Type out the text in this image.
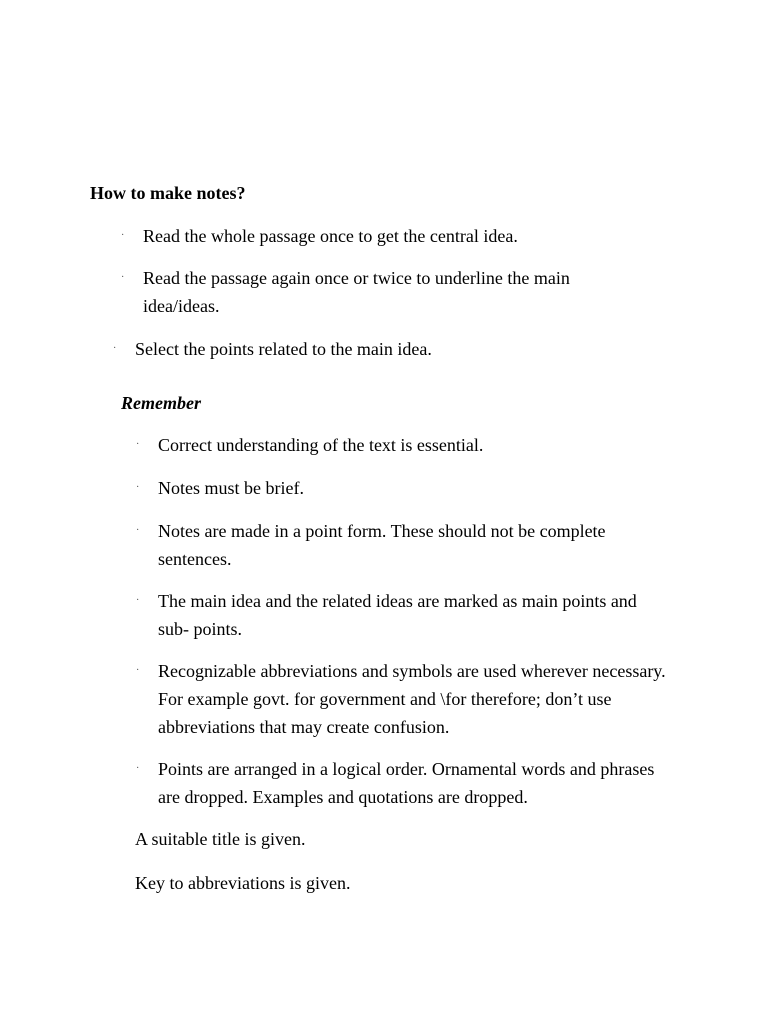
How to make notes?
· Read the whole passage once to get the central idea.
· Read the passage again once or twice to underline the main idea/ideas.
· Select the points related to the main idea.
Remember
· Correct understanding of the text is essential.
· Notes must be brief.
· Notes are made in a point form. These should not be complete sentences.
· The main idea and the related ideas are marked as main points and sub- points.
· Recognizable abbreviations and symbols are used wherever necessary. For example govt. for government and \for therefore; don’t use abbreviations that may create confusion.
· Points are arranged in a logical order. Ornamental words and phrases are dropped. Examples and quotations are dropped.
A suitable title is given.
Key to abbreviations is given.
